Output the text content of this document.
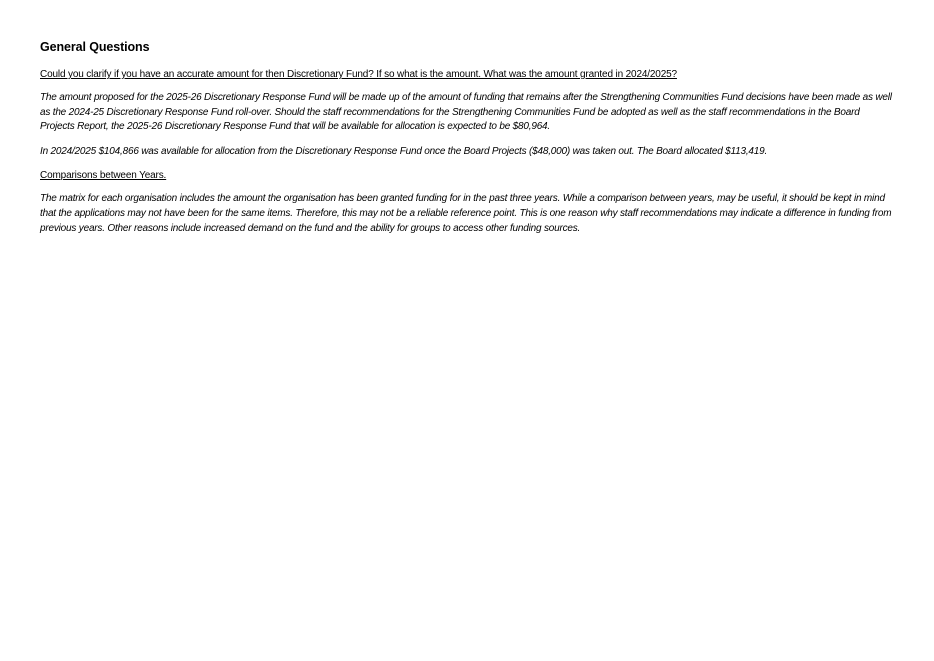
General Questions

Could you clarify if you have an accurate amount for then Discretionary Fund? If so what is the amount. What was the amount granted in 2024/2025?

The amount proposed for the 2025-26 Discretionary Response Fund will be made up of the amount of funding that remains after the Strengthening Communities Fund decisions have been made as well as the 2024-25 Discretionary Response Fund roll-over. Should the staff recommendations for the Strengthening Communities Fund be adopted as well as the staff recommendations in the Board Projects Report, the 2025-26 Discretionary Response Fund that will be available for allocation is expected to be $80,964.

In 2024/2025 $104,866 was available for allocation from the Discretionary Response Fund once the Board Projects ($48,000) was taken out. The Board allocated $113,419.

Comparisons between Years.

The matrix for each organisation includes the amount the organisation has been granted funding for in the past three years. While a comparison between years, may be useful, it should be kept in mind that the applications may not have been for the same items. Therefore, this may not be a reliable reference point. This is one reason why staff recommendations may indicate a difference in funding from previous years. Other reasons include increased demand on the fund and the ability for groups to access other funding sources.
